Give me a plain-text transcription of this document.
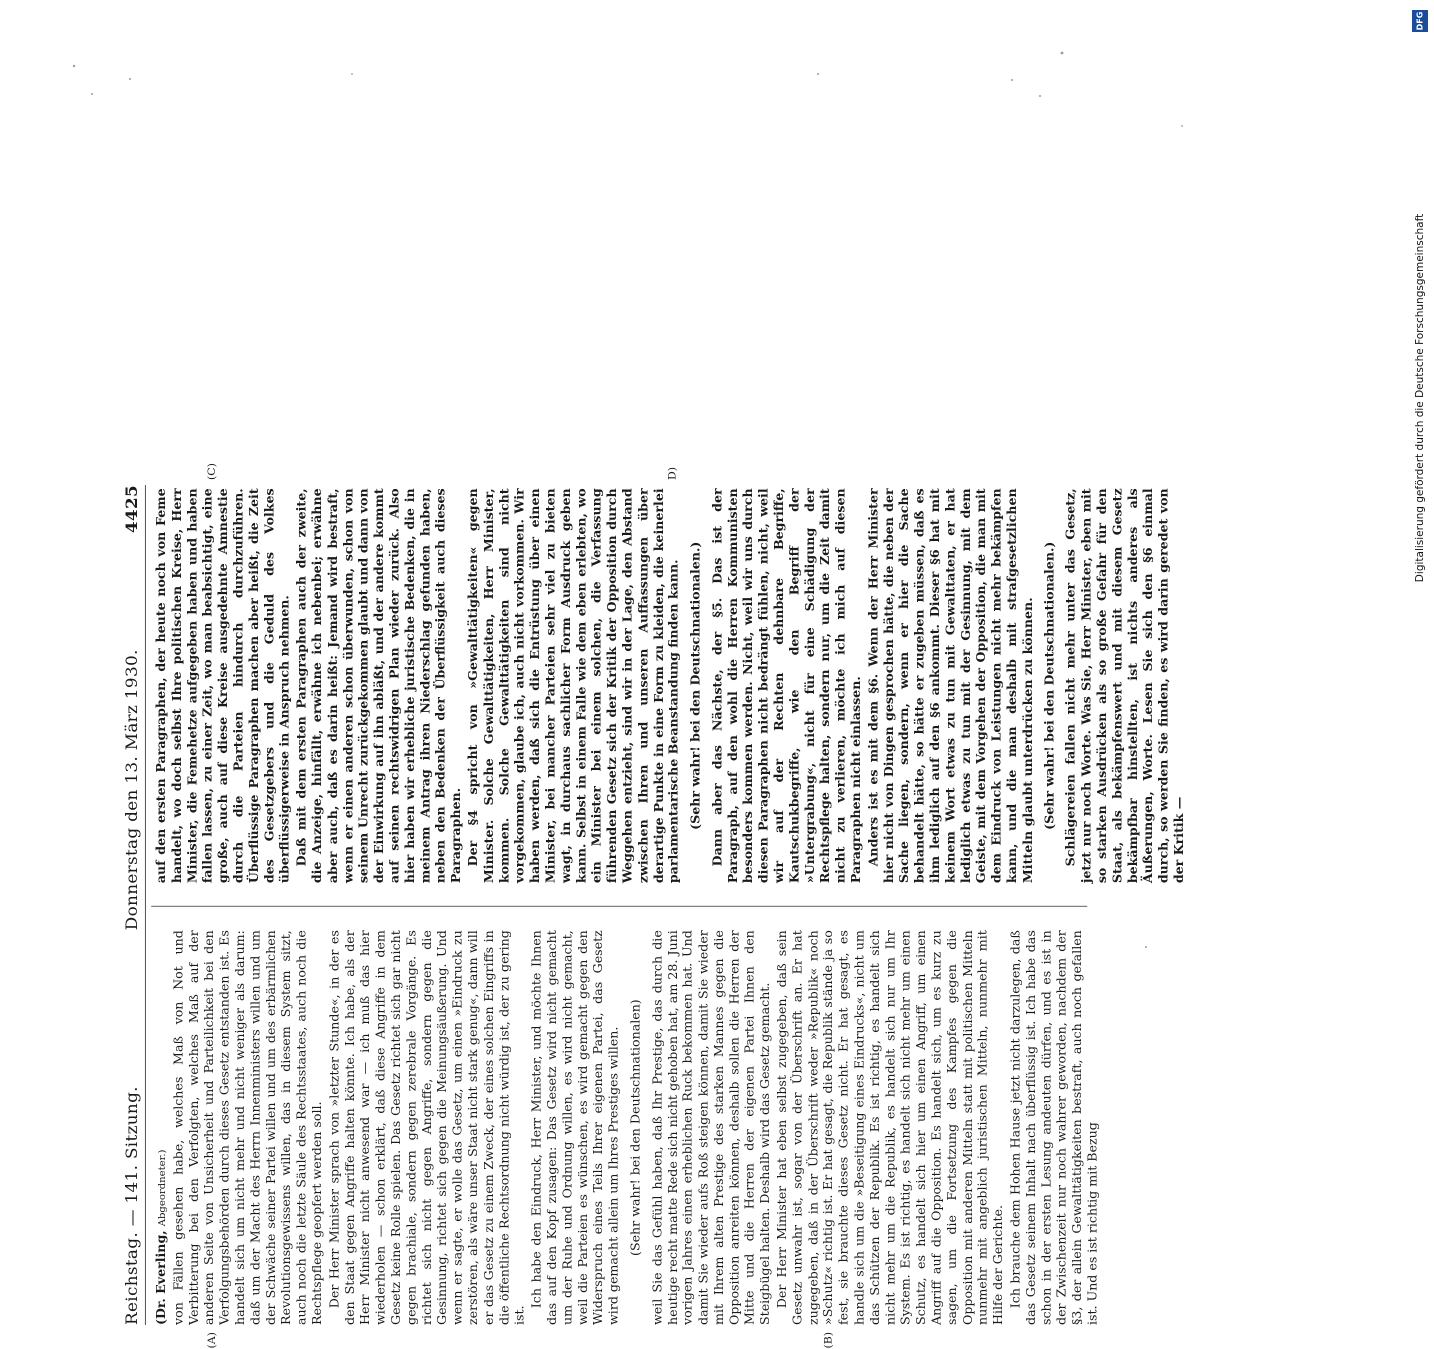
Reichstag. — 141. Sitzung.
Donnerstag den 13. März 1930.
4425
(A)	(B)
(C)	D)

(Dr. Everling, Abgeordneter.) von Fällen gesehen habe, welches Maß von Not und Verbitterung bei den Verfolgten, welches Maß auf der anderen Seite von Unsicherheit und Parteilichkeit bei den Verfolgungsbehörden durch dieses Gesetz entstanden ist. Es handelt sich um nicht mehr und nicht weniger als darum: daß um der Macht des Herrn Innenministers willen und um der Schwäche seiner Partei willen und um des erbärmlichen Revolutionsgewissens willen, das in diesem System sitzt, auch noch die letzte Säule des Rechtsstaates, auch noch die Rechtspflege geopfert werden soll. Der Herr Minister sprach von »letzter Stunde«, in der es den Staat gegen Angriffe halten könnte. Ich habe, als der Herr Minister nicht anwesend war — ich muß das hier wiederholen — schon erklärt, daß diese Angriffe in dem Gesetz keine Rolle spielen. Das Gesetz richtet sich gar nicht gegen brachiale, sondern gegen zerebrale Vorgänge. Es richtet sich nicht gegen Angriffe, sondern gegen die Gesinnung, richtet sich gegen die Meinungsäußerung. Und wenn er sagte, er wolle das Gesetz, um einen »Eindruck zu zerstören, als wäre unser Staat nicht stark genug«, dann will er das Gesetz zu einem Zweck, der eines solchen Eingriffs in die öffentliche Rechtsordnung nicht würdig ist, der zu gering ist.

Ich habe den Eindruck, Herr Minister, und möchte Ihnen das auf den Kopf zusagen: Das Gesetz wird nicht gemacht um der Ruhe und Ordnung willen, es wird nicht gemacht, weil die Parteien es wünschen, es wird gemacht gegen den Widerspruch eines Teils Ihrer eigenen Partei, das Gesetz wird gemacht allein um Ihres Prestiges willen. (Sehr wahr! bei den Deutschnationalen) weil Sie das Gefühl haben, daß Ihr Prestige, das durch die heutige recht matte Rede sich nicht gehoben hat, am 28. Juni vorigen Jahres einen erheblichen Ruck bekommen hat. Und damit Sie wieder aufs Roß steigen können, damit Sie wieder mit Ihrem alten Prestige des starken Mannes gegen die Opposition anreiten können, deshalb sollen die Herren der Mitte und die Herren der eigenen Partei Ihnen den Steigbügel halten. Deshalb wird das Gesetz gemacht. Der Herr Minister hat eben selbst zugegeben, daß sein Gesetz unwahr ist, sogar von der Überschrift an. Er hat zugegeben, daß in der Überschrift weder »Republik« noch »Schutz« richtig ist. Er hat gesagt, die Republik stände ja so fest, sie brauchte dieses Gesetz nicht. Er hat gesagt, es handle sich um die »Beseitigung eines Eindrucks«, nicht um das Schützen der Republik. Es ist richtig, es handelt sich nicht mehr um die Republik, es handelt sich nur um Ihr System. Es ist richtig, es handelt sich nicht mehr um einen Schutz, es handelt sich hier um einen Angriff, um einen Angriff auf die Opposition. Es handelt sich, um es kurz zu sagen, um die Fortsetzung des Kampfes gegen die Opposition mit anderen Mitteln statt mit politischen Mitteln nunmehr mit angeblich juristischen Mitteln, nunmehr mit Hilfe der Gerichte. Ich brauche dem Hohen Hause jetzt nicht darzulegen, daß das Gesetz seinem Inhalt nach überflüssig ist. Ich habe das schon in der ersten Lesung andeuten dürfen, und es ist in der Zwischenzeit nur noch wahrer geworden, nachdem der §3, der allein Gewalttätigkeiten bestraft, auch noch gefallen ist. Und es ist richtig mit Bezug

auf den ersten Paragraphen, der heute noch von Feme handelt, wo doch selbst Ihre politischen Kreise, Herr Minister, die Femehetze aufgegeben haben und haben fallen lassen, zu einer Zeit, wo man beabsichtigt, eine große, auch auf diese Kreise ausgedehnte Amnestie durch die Parteien hindurch durchzuführen. Überflüssige Paragraphen machen aber heißt, die Zeit des Gesetzgebers und die Geduld des Volkes überflüssigerweise in Anspruch nehmen. Daß mit dem ersten Paragraphen auch der zweite, die Anzeige, hinfällt, erwähne ich nebenbei; erwähne aber auch, daß es darin heißt: Jemand wird bestraft, wenn er einen anderen schon überwunden, schon von seinem Unrecht zurückgekommen glaubt und dann von der Einwirkung auf ihn abläßt, und der andere kommt auf seinen rechtswidrigen Plan wieder zurück. Also hier haben wir erhebliche juristische Bedenken, die in meinem Antrag ihren Niederschlag gefunden haben, neben den Bedenken der Überflüssigkeit auch dieses Paragraphen. Der §4 spricht von »Gewalttätigkeiten« gegen Minister. Solche Gewalttätigkeiten, Herr Minister, kommen. Solche Gewalttätigkeiten sind nicht vorgekommen, glaube ich, auch nicht vorkommen. Wir haben werden, daß sich die Entrüstung über einen Minister, bei mancher Parteien sehr viel zu bieten wagt, in durchaus sachlicher Form Ausdruck geben kann. Selbst in einem Falle wie dem eben erlebten, wo ein Minister bei einem solchen, die Verfassung führenden Gesetz sich der Kritik der Opposition durch Weggehen entzieht, sind wir in der Lage, den Abstand zwischen Ihren und unseren Auffassungen über derartige Punkte in eine Form zu kleiden, die keinerlei parlamentarische Beanstandung finden kann. (Sehr wahr! bei den Deutschnationalen.) Dann aber das Nächste, der §5. Das ist der Paragraph, auf den wohl die Herren Kommunisten besonders kommen werden. Nicht, weil wir uns durch diesen Paragraphen nicht bedrängt fühlen, nicht, weil wir auf der Rechten dehnbare Begriffe, Kautschukbegriffe, wie den Begriff der »Untergrabung«, nicht für eine Schädigung der Rechtspflege halten, sondern nur, um die Zeit damit nicht zu verlieren, möchte ich mich auf diesen Paragraphen nicht einlassen. Anders ist es mit dem §6. Wenn der Herr Minister hier nicht von Dingen gesprochen hätte, die neben der Sache liegen, sondern, wenn er hier die Sache behandelt hätte, so hätte er zugeben müssen, daß es ihm lediglich auf den §6 ankommt. Dieser §6 hat mit keinem Wort etwas zu tun mit Gewalttaten, er hat lediglich etwas zu tun mit der Gesinnung, mit dem Geiste, mit dem Vorgehen der Opposition, die man mit dem Eindruck von Leistungen nicht mehr bekämpfen kann, und die man deshalb mit strafgesetzlichen Mitteln glaubt unterdrücken zu können. (Sehr wahr! bei den Deutschnationalen.) Schlägereien fallen nicht mehr unter das Gesetz, jetzt nur noch Worte. Was Sie, Herr Minister, eben mit so starken Ausdrücken als so große Gefahr für den Staat, als bekämpfenswert und mit diesem Gesetz bekämpfbar hinstellten, ist nichts anderes als Äußerungen, Worte. Lesen Sie sich den §6 einmal durch, so werden Sie finden, es wird darin geredet von der Kritik —

DFG
Digitalisierung gefördert durch die Deutsche Forschungsgemeinschaft
